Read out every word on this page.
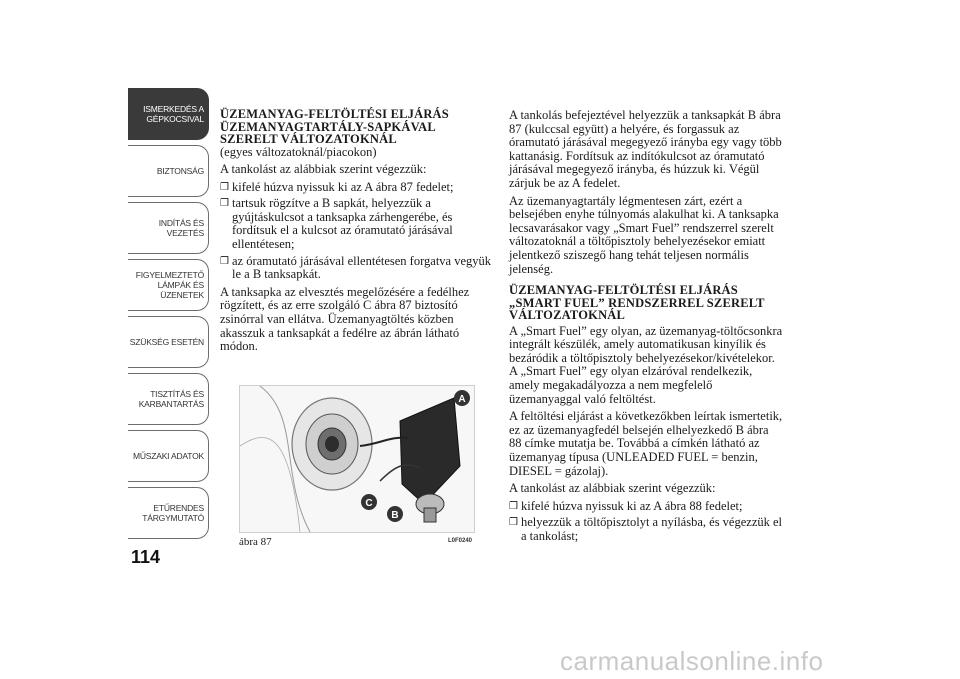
ISMERKEDÉS A
GÉPKOCSIVAL
BIZTONSÁG
INDÍTÁS ÉS
VEZETÉS
FIGYELMEZTETŐ
LÁMPÁK ÉS
ÜZENETEK
SZÜKSÉG ESETÉN
TISZTÍTÁS ÉS
KARBANTARTÁS
MŰSZAKI ADATOK
ETŰRENDES
TÁRGYMUTATÓ
114
ÜZEMANYAG-FELTÖLTÉSI ELJÁRÁS ÜZEMANYAGTARTÁLY-SAPKÁVAL SZERELT VÁLTOZATOKNÁL

(egyes változatoknál/piacokon)

A tankolást az alábbiak szerint végezzük:

❒ kifelé húzva nyissuk ki az A ábra 87 fedelet;
❒ tartsuk rögzítve a B sapkát, helyezzük a gyújtáskulcsot a tanksapka zárhengerébe, és fordítsuk el a kulcsot az óramutató járásával ellentétesen;
❒ az óramutató járásával ellentétesen forgatva vegyük le a B tanksapkát.

A tanksapka az elvesztés megelőzésére a fedélhez rögzített, és az erre szolgáló C ábra 87 biztosító zsinórral van ellátva. Üzemanyagtöltés közben akasszuk a tanksapkát a fedélre az ábrán látható módon.

A
C
B
ábra 87	L0F0240

A tankolás befejeztével helyezzük a tanksapkát B ábra 87 (kulccsal együtt) a helyére, és forgassuk az óramutató járásával megegyező irányba egy vagy több kattanásig. Fordítsuk az indítókulcsot az óramutató járásával megegyező irányba, és húzzuk ki. Végül zárjuk be az A fedelet.

Az üzemanyagtartály légmentesen zárt, ezért a belsejében enyhe túlnyomás alakulhat ki. A tanksapka lecsavarásakor vagy „Smart Fuel” rendszerrel szerelt változatoknál a töltőpisztoly behelyezésekor emiatt jelentkező sziszegő hang tehát teljesen normális jelenség.

ÜZEMANYAG-FELTÖLTÉSI ELJÁRÁS „SMART FUEL” RENDSZERREL SZERELT VÁLTOZATOKNÁL

A „Smart Fuel” egy olyan, az üzemanyag-töltőcsonkra integrált készülék, amely automatikusan kinyílik és bezáródik a töltőpisztoly behelyezésekor/kivételekor. A „Smart Fuel” egy olyan elzáróval rendelkezik, amely megakadályozza a nem megfelelő üzemanyaggal való feltöltést.

A feltöltési eljárást a következőkben leírtak ismertetik, ez az üzemanyagfedél belsején elhelyezkedő B ábra 88 címke mutatja be. Továbbá a címkén látható az üzemanyag típusa (UNLEADED FUEL = benzin, DIESEL = gázolaj).

A tankolást az alábbiak szerint végezzük:

❒ kifelé húzva nyissuk ki az A ábra 88 fedelet;
❒ helyezzük a töltőpisztolyt a nyílásba, és végezzük el a tankolást;
carmanualsonline.info
